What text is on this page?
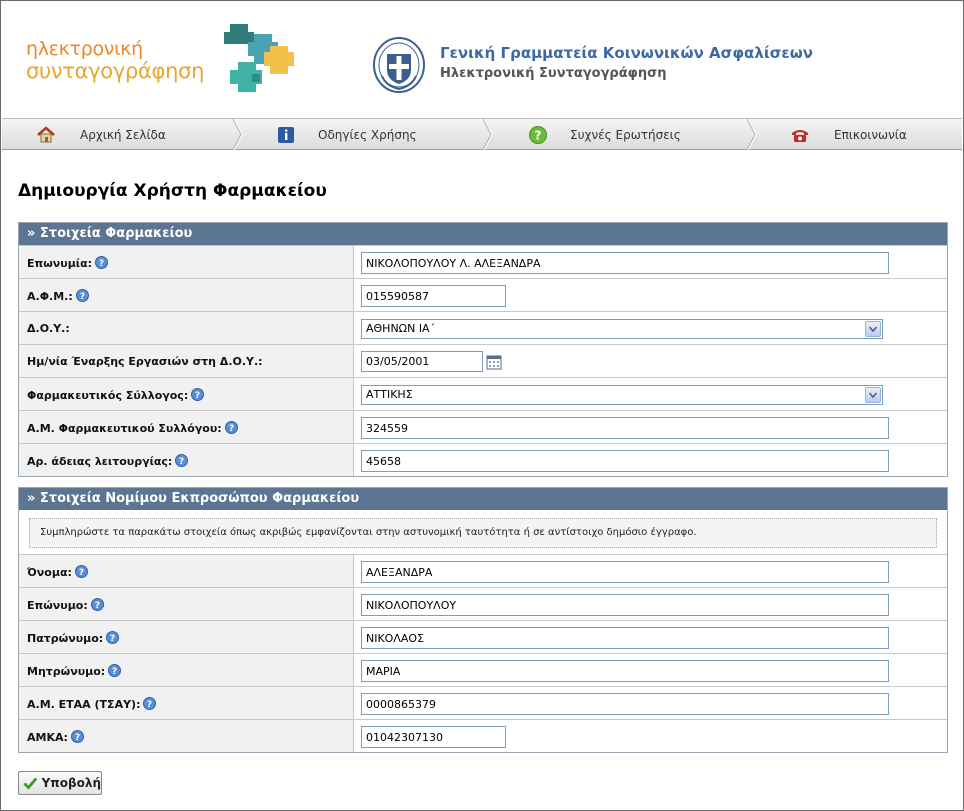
ηλεκτρονική
συνταγογράφηση
Γενική Γραμματεία Κοινωνικών Ασφαλίσεων
Ηλεκτρονική Συνταγογράφηση
Αρχική Σελίδα	Οδηγίες Χρήσης	? Συχνές Ερωτήσεις	Επικοινωνία
Δημιουργία Χρήστη Φαρμακείου
» Στοιχεία Φαρμακείου
Επωνυμία: ?
ΝΙΚΟΛΟΠΟΥΛΟΥ Λ. ΑΛΕΞΑΝΔΡΑ
Α.Φ.Μ.: ?
015590587
Δ.Ο.Υ.:	ΑΘΗΝΩΝ ΙΑ΄
Ημ/νία Έναρξης Εργασιών στη Δ.Ο.Υ.:
03/05/2001
Φαρμακευτικός Σύλλογος: ?	ΑΤΤΙΚΗΣ
Α.Μ. Φαρμακευτικού Συλλόγου: ?
324559
Αρ. άδειας λειτουργίας: ?
45658
» Στοιχεία Νομίμου Εκπροσώπου Φαρμακείου
Συμπληρώστε τα παρακάτω στοιχεία όπως ακριβώς εμφανίζονται στην αστυνομική ταυτότητα ή σε αντίστοιχο δημόσιο έγγραφο.
Όνομα: ?
ΑΛΕΞΑΝΔΡΑ
Επώνυμο: ?
ΝΙΚΟΛΟΠΟΥΛΟΥ
Πατρώνυμο: ?
ΝΙΚΟΛΑΟΣ
Μητρώνυμο: ?
ΜΑΡΙΑ
Α.Μ. ΕΤΑΑ (ΤΣΑΥ): ?
0000865379
ΑΜΚΑ: ?
01042307130
Υποβολή
